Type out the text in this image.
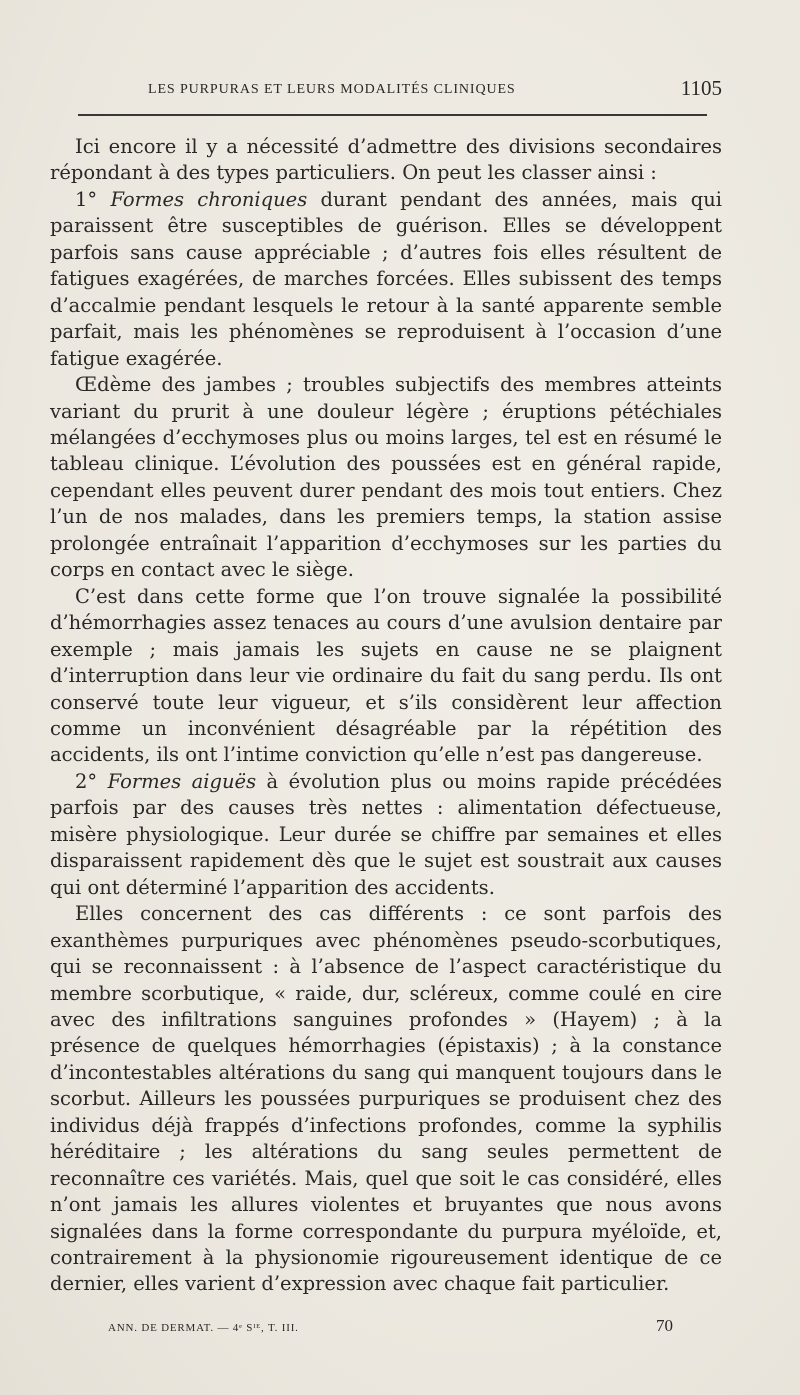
LES PURPURAS ET LEURS MODALITÉS CLINIQUES	1105

Ici encore il y a nécessité d’admettre des divisions secondaires répondant à des types particuliers. On peut les classer ainsi :

1° Formes chroniques durant pendant des années, mais qui paraissent être susceptibles de guérison. Elles se développent parfois sans cause appréciable ; d’autres fois elles résultent de fatigues exagérées, de marches forcées. Elles subissent des temps d’accalmie pendant lesquels le retour à la santé apparente semble parfait, mais les phénomènes se reproduisent à l’occasion d’une fatigue exagérée.

Œdème des jambes ; troubles subjectifs des membres atteints variant du prurit à une douleur légère ; éruptions pétéchiales mélangées d’ecchymoses plus ou moins larges, tel est en résumé le tableau clinique. L’évolution des poussées est en général rapide, cependant elles peuvent durer pendant des mois tout entiers. Chez l’un de nos malades, dans les premiers temps, la station assise prolongée entraînait l’apparition d’ecchymoses sur les parties du corps en contact avec le siège.

C’est dans cette forme que l’on trouve signalée la possibilité d’hémorrhagies assez tenaces au cours d’une avulsion dentaire par exemple ; mais jamais les sujets en cause ne se plaignent d’interruption dans leur vie ordinaire du fait du sang perdu. Ils ont conservé toute leur vigueur, et s’ils considèrent leur affection comme un inconvénient désagréable par la répétition des accidents, ils ont l’intime conviction qu’elle n’est pas dangereuse.

2° Formes aiguës à évolution plus ou moins rapide précédées parfois par des causes très nettes : alimentation défectueuse, misère physiologique. Leur durée se chiffre par semaines et elles disparaissent rapidement dès que le sujet est soustrait aux causes qui ont déterminé l’apparition des accidents.

Elles concernent des cas différents : ce sont parfois des exanthèmes purpuriques avec phénomènes pseudo-scorbutiques, qui se reconnaissent : à l’absence de l’aspect caractéristique du membre scorbutique, « raide, dur, scléreux, comme coulé en cire avec des infiltrations sanguines profondes » (Hayem) ; à la présence de quelques hémorrhagies (épistaxis) ; à la constance d’incontestables altérations du sang qui manquent toujours dans le scorbut. Ailleurs les poussées purpuriques se produisent chez des individus déjà frappés d’infections profondes, comme la syphilis héréditaire ; les altérations du sang seules permettent de reconnaître ces variétés. Mais, quel que soit le cas considéré, elles n’ont jamais les allures violentes et bruyantes que nous avons signalées dans la forme correspondante du purpura myéloïde, et, contrairement à la physionomie rigoureusement identique de ce dernier, elles varient d’expression avec chaque fait particulier.

ANN. DE DERMAT. — 4ᵉ Sᴵᴱ, T. III.	70
